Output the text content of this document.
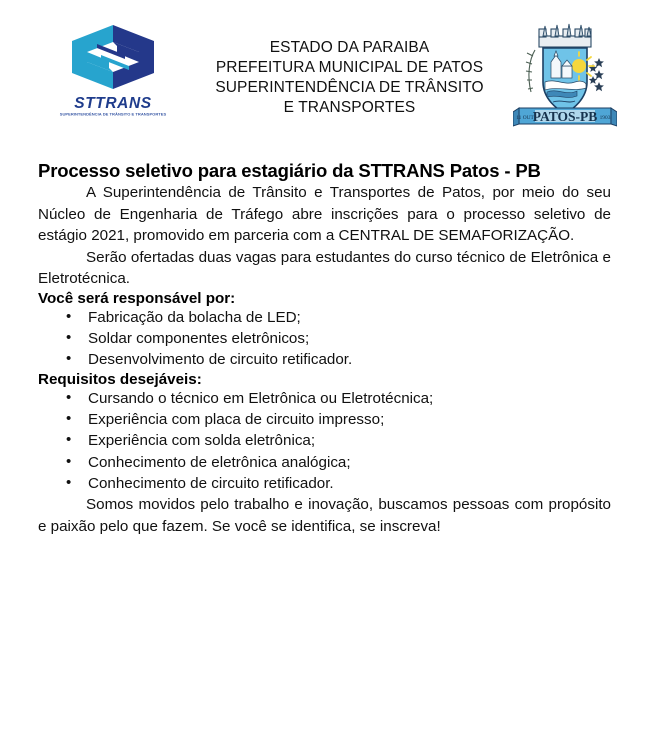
STTRANS
SUPERINTENDÊNCIA DE TRÂNSITO E TRANSPORTES
ESTADO DA PARAIBA
PREFEITURA MUNICIPAL DE PATOS
SUPERINTENDÊNCIA DE TRÂNSITO E TRANSPORTES
PATOS-PB
11 OUT	1903
Processo seletivo para estagiário da STTRANS Patos - PB

A Superintendência de Trânsito e Transportes de Patos, por meio do seu Núcleo de Engenharia de Tráfego abre inscrições para o processo seletivo de estágio 2021, promovido em parceria com a CENTRAL DE SEMAFORIZAÇÃO.

Serão ofertadas duas vagas para estudantes do curso técnico de Eletrônica e Eletrotécnica.

Você será responsável por:
• Fabricação da bolacha de LED;
• Soldar componentes eletrônicos;
• Desenvolvimento de circuito retificador.
Requisitos desejáveis:
• Cursando o técnico em Eletrônica ou Eletrotécnica;
• Experiência com placa de circuito impresso;
• Experiência com solda eletrônica;
• Conhecimento de eletrônica analógica;
• Conhecimento de circuito retificador.

Somos movidos pelo trabalho e inovação, buscamos pessoas com propósito e paixão pelo que fazem. Se você se identifica, se inscreva!
